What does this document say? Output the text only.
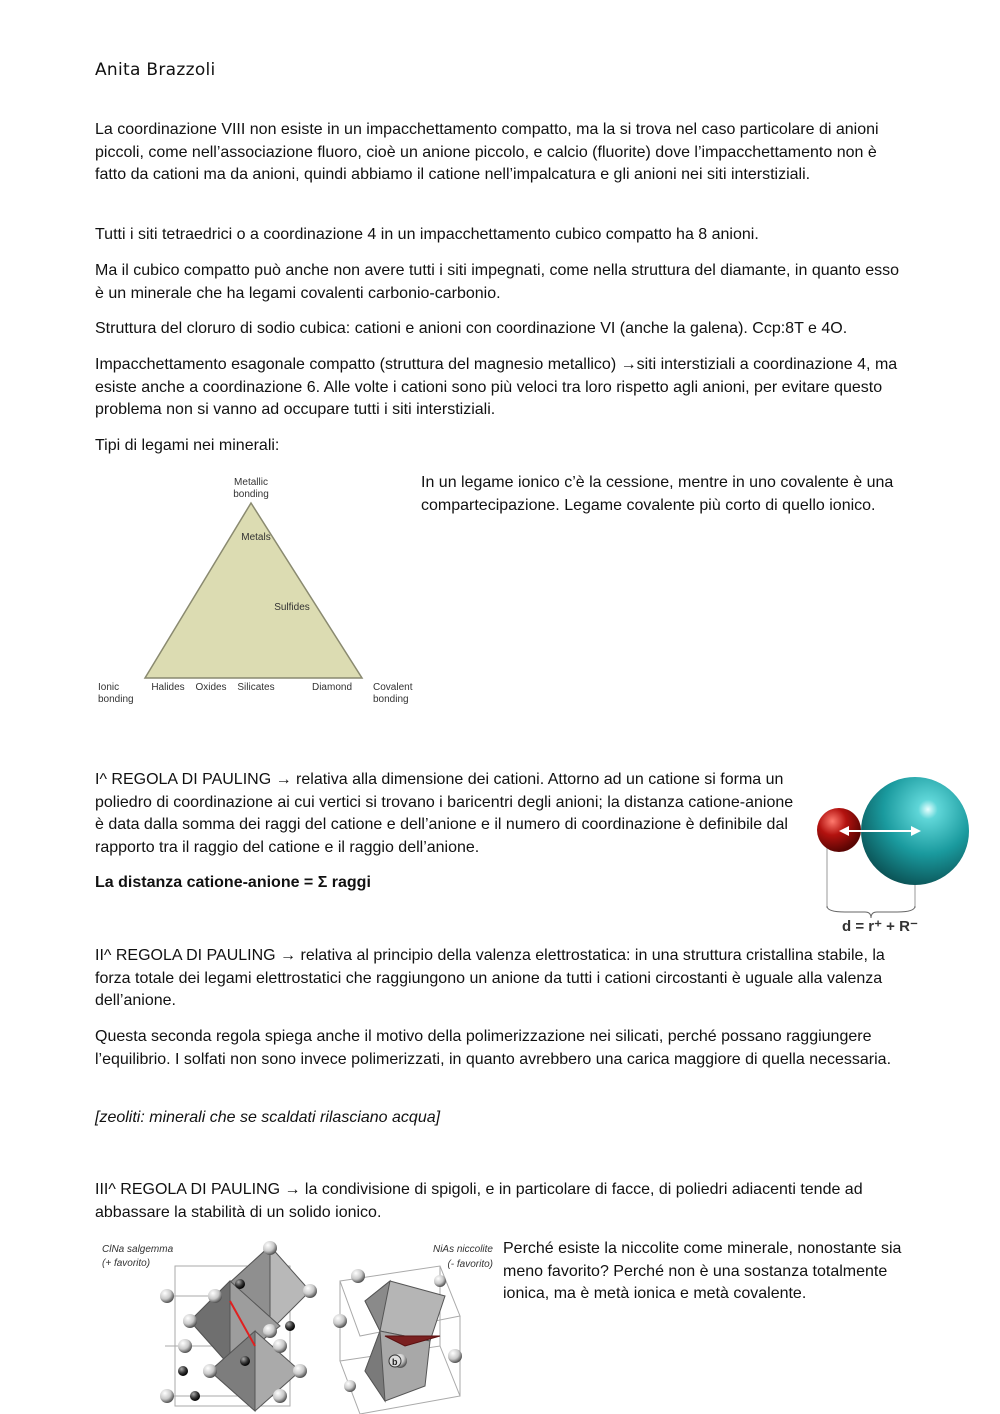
Anita Brazzoli

La coordinazione VIII non esiste in un impacchettamento compatto, ma la si trova nel caso particolare di anioni piccoli, come nell’associazione fluoro, cioè un anione piccolo, e calcio (fluorite) dove l’impacchettamento non è fatto da cationi ma da anioni, quindi abbiamo il catione nell’impalcatura e gli anioni nei siti interstiziali.

Tutti i siti tetraedrici o a coordinazione 4 in un impacchettamento cubico compatto ha 8 anioni.

Ma il cubico compatto può anche non avere tutti i siti impegnati, come nella struttura del diamante, in quanto esso è un minerale che ha legami covalenti carbonio-carbonio.

Struttura del cloruro di sodio cubica: cationi e anioni con coordinazione VI (anche la galena). Ccp:8T e 4O.

Impacchettamento esagonale compatto (struttura del magnesio metallico) →siti interstiziali a coordinazione 4, ma esiste anche a coordinazione 6. Alle volte i cationi sono più veloci tra loro rispetto agli anioni, per evitare questo problema non si vanno ad occupare tutti i siti interstiziali.

Tipi di legami nei minerali:

Metallic
bonding
Metals
Sulfides
Halides Oxides Silicates	Diamond
Ionic
bonding
Covalent
bonding

In un legame ionico c’è la cessione, mentre in uno covalente è una compartecipazione. Legame covalente più corto di quello ionico.

I^ REGOLA DI PAULING → relativa alla dimensione dei cationi. Attorno ad un catione si forma un poliedro di coordinazione ai cui vertici si trovano i baricentri degli anioni; la distanza catione-anione è data dalla somma dei raggi del catione e dell’anione e il numero di coordinazione è definibile dal rapporto tra il raggio del catione e il raggio dell’anione.

La distanza catione-anione = Σ raggi

d = r⁺ + R⁻

II^ REGOLA DI PAULING → relativa al principio della valenza elettrostatica: in una struttura cristallina stabile, la forza totale dei legami elettrostatici che raggiungono un anione da tutti i cationi circostanti è uguale alla valenza dell’anione.

Questa seconda regola spiega anche il motivo della polimerizzazione nei silicati, perché possano raggiungere l’equilibrio. I solfati non sono invece polimerizzati, in quanto avrebbero una carica maggiore di quella necessaria.

[zeoliti: minerali che se scaldati rilasciano acqua]

III^ REGOLA DI PAULING → la condivisione di spigoli, e in particolare di facce, di poliedri adiacenti tende ad abbassare la stabilità di un solido ionico.

ClNa salgemma
(+ favorito)
NiAs niccolite
(- favorito)
b

Perché esiste la niccolite come minerale, nonostante sia meno favorito? Perché non è una sostanza totalmente ionica, ma è metà ionica e metà covalente.
